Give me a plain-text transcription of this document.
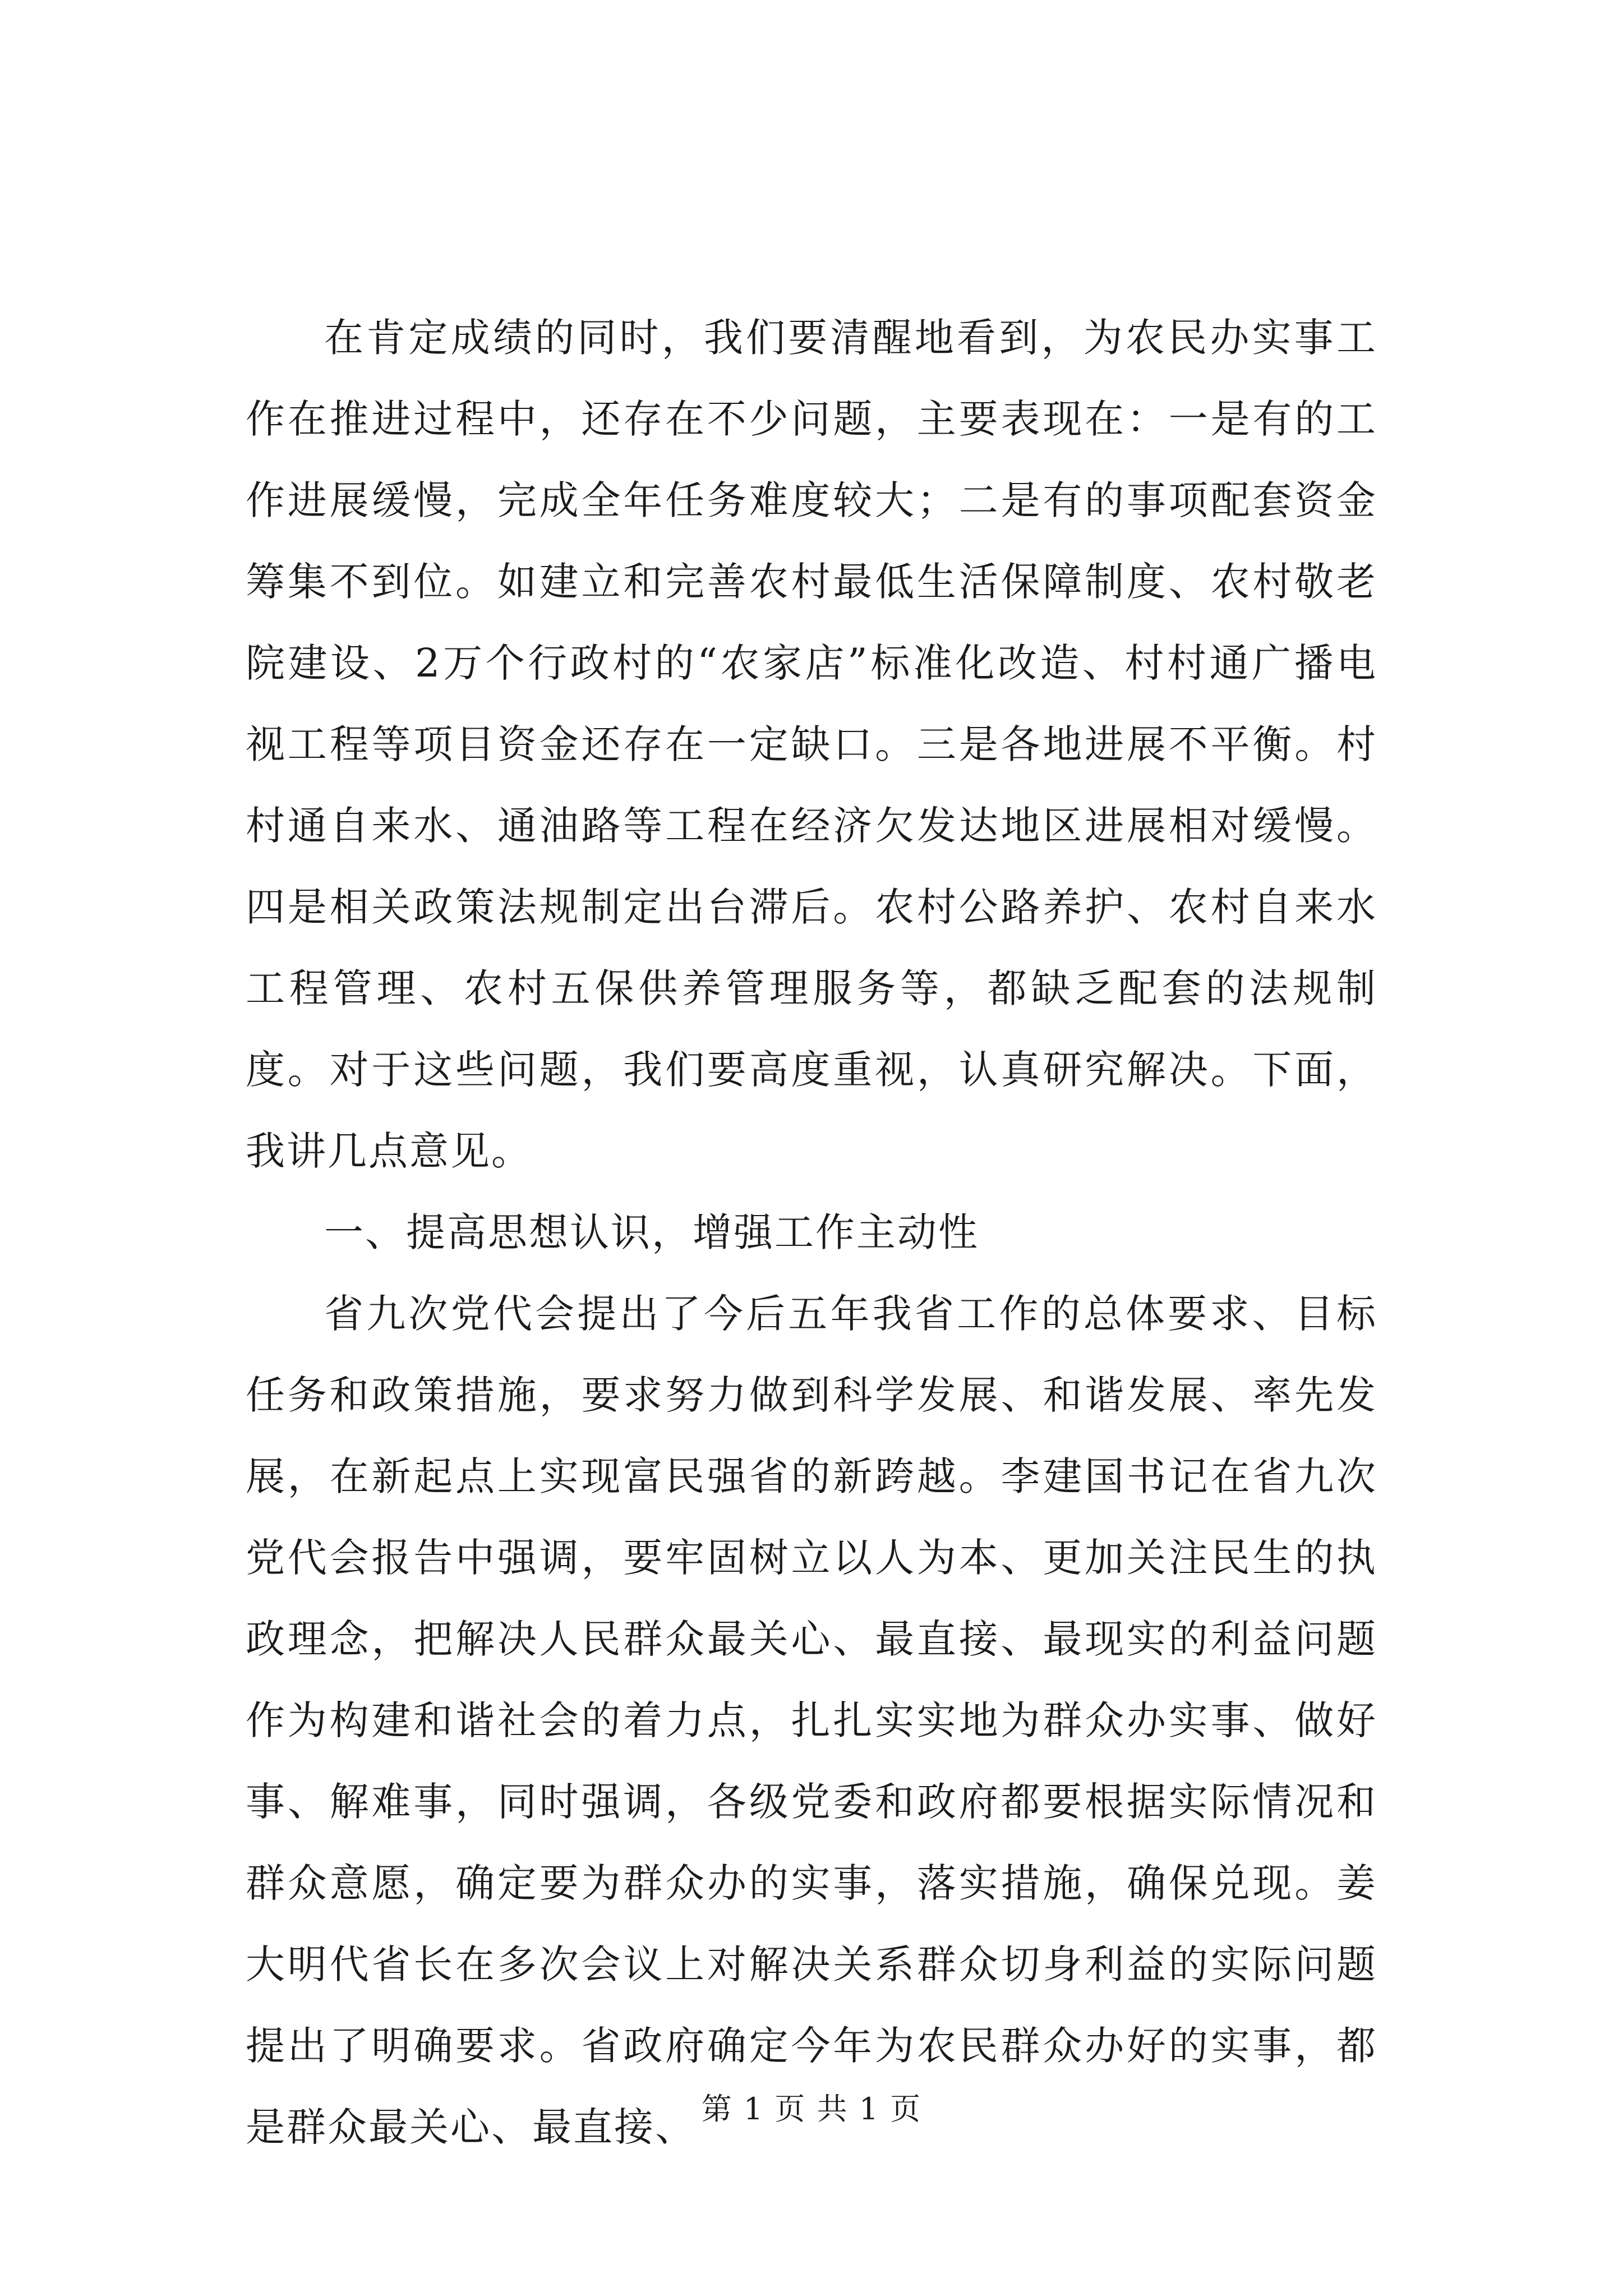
在肯定成绩的同时，我们要清醒地看到，为农民办实事工作在推进过程中，还存在不少问题，主要表现在：一是有的工作进展缓慢，完成全年任务难度较大；二是有的事项配套资金筹集不到位。如建立和完善农村最低生活保障制度、农村敬老院建设、2万个行政村的“农家店”标准化改造、村村通广播电视工程等项目资金还存在一定缺口。三是各地进展不平衡。村村通自来水、通油路等工程在经济欠发达地区进展相对缓慢。四是相关政策法规制定出台滞后。农村公路养护、农村自来水工程管理、农村五保供养管理服务等，都缺乏配套的法规制度。对于这些问题，我们要高度重视，认真研究解决。下面，我讲几点意见。

一、提高思想认识，增强工作主动性

省九次党代会提出了今后五年我省工作的总体要求、目标任务和政策措施，要求努力做到科学发展、和谐发展、率先发展，在新起点上实现富民强省的新跨越。李建国书记在省九次党代会报告中强调，要牢固树立以人为本、更加关注民生的执政理念，把解决人民群众最关心、最直接、最现实的利益问题作为构建和谐社会的着力点，扎扎实实地为群众办实事、做好事、解难事，同时强调，各级党委和政府都要根据实际情况和群众意愿，确定要为群众办的实事，落实措施，确保兑现。姜大明代省长在多次会议上对解决关系群众切身利益的实际问题提出了明确要求。省政府确定今年为农民群众办好的实事，都是群众最关心、最直接、 第 1 页 共 1 页
